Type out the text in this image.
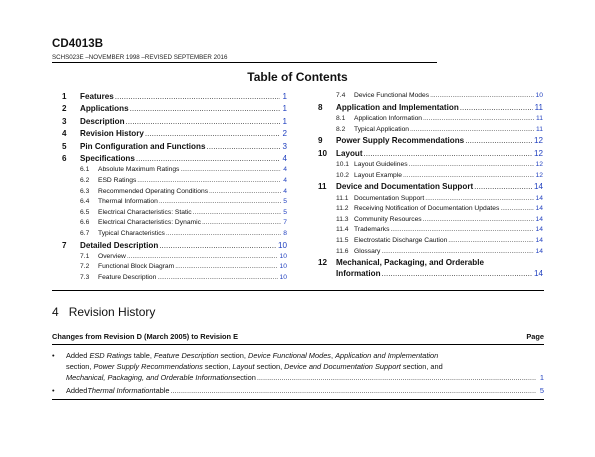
CD4013B
SCHS023E –NOVEMBER 1998 –REVISED SEPTEMBER 2016
Table of Contents
1	Features .....	1
2	Applications .....	1
3	Description .....	1
4	Revision History .....	2
5	Pin Configuration and Functions .....	3
6	Specifications .....	4
6.1	Absolute Maximum Ratings .....	4
6.2	ESD Ratings .....	4
6.3	Recommended Operating Conditions .....	4
6.4	Thermal Information .....	5
6.5	Electrical Characteristics: Static .....	5
6.6	Electrical Characteristics: Dynamic .....	7
6.7	Typical Characteristics .....	8
7	Detailed Description .....	10
7.1	Overview .....	10
7.2	Functional Block Diagram .....	10
7.3	Feature Description .....	10
7.4	Device Functional Modes .....	10
8	Application and Implementation .....	11
8.1	Application Information .....	11
8.2	Typical Application .....	11
9	Power Supply Recommendations .....	12
10	Layout .....	12
10.1 Layout Guidelines .....	12
10.2 Layout Example .....	12
11	Device and Documentation Support .....	14
11.1 Documentation Support .....	14
11.2 Receiving Notification of Documentation Updates .....	14
11.3 Community Resources .....	14
11.4 Trademarks .....	14
11.5 Electrostatic Discharge Caution .....	14
11.6 Glossary .....	14
12	Mechanical, Packaging, and Orderable
Information .....	14
4 Revision History
Changes from Revision D (March 2005) to Revision E	Page
• Added ESD Ratings table, Feature Description section, Device Functional Modes, Application and Implementation
section, Power Supply Recommendations section, Layout section, Device and Documentation Support section, and
Mechanical, Packaging, and Orderable Information section .....	1
• Added Thermal Information table .....	5
